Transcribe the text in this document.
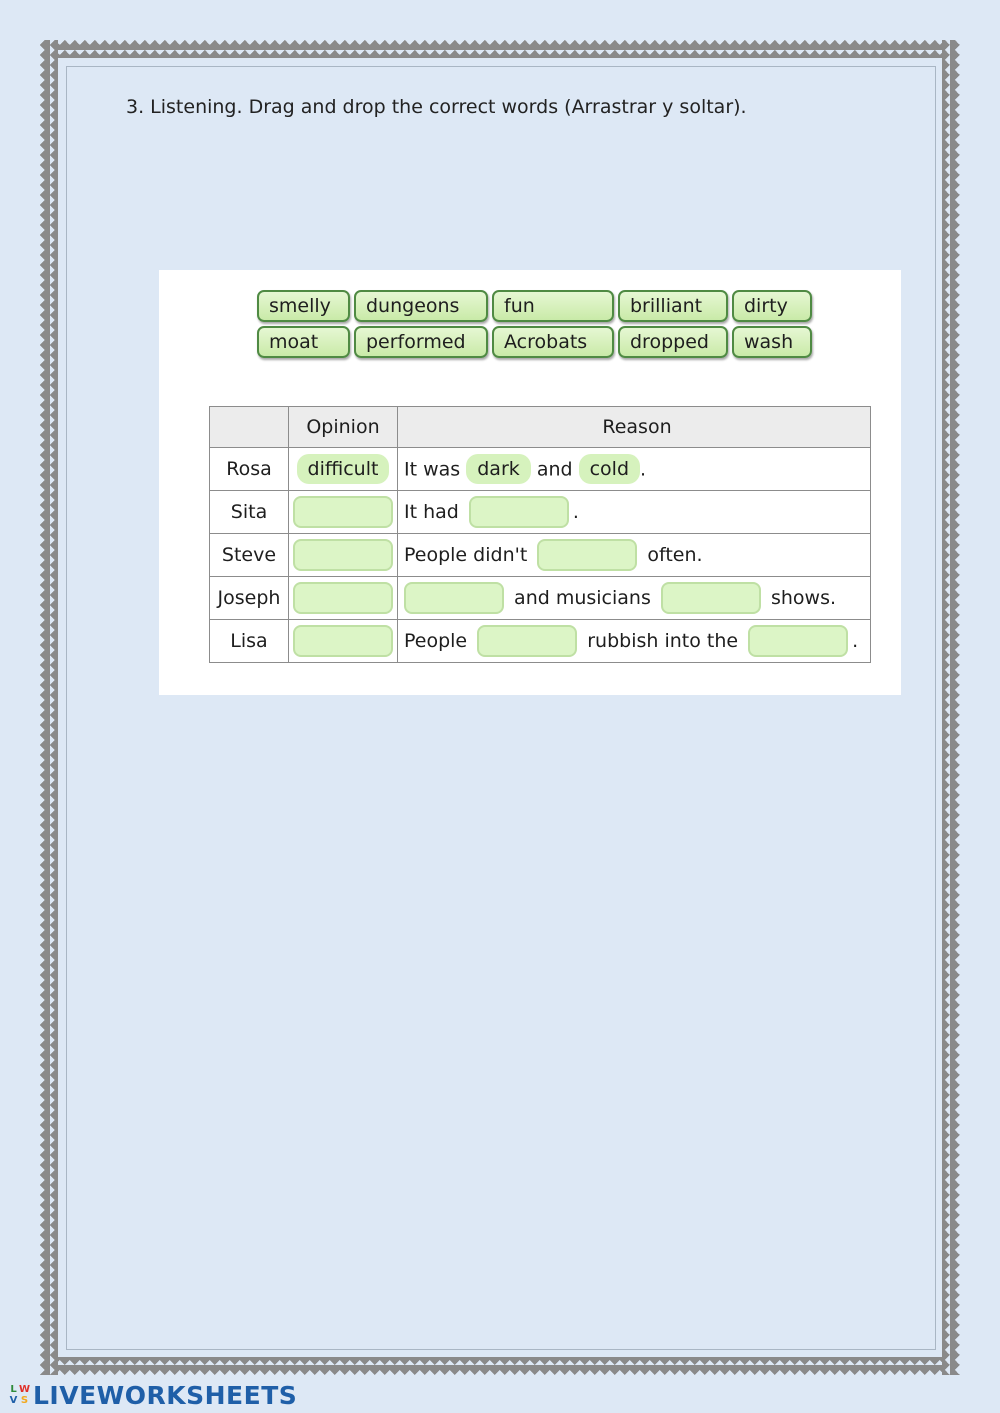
3. Listening. Drag and drop the correct words (Arrastrar y soltar).
smelly	dungeons	fun	brilliant	dirty
moat	performed	Acrobats	dropped	wash
	Opinion	Reason
Rosa	difficult	It was dark and cold .
Sita		It had .
Steve		People didn't often.
Joseph		and musicians shows.
Lisa		People rubbish into the .
L W
V S LIVEWORKSHEETS
